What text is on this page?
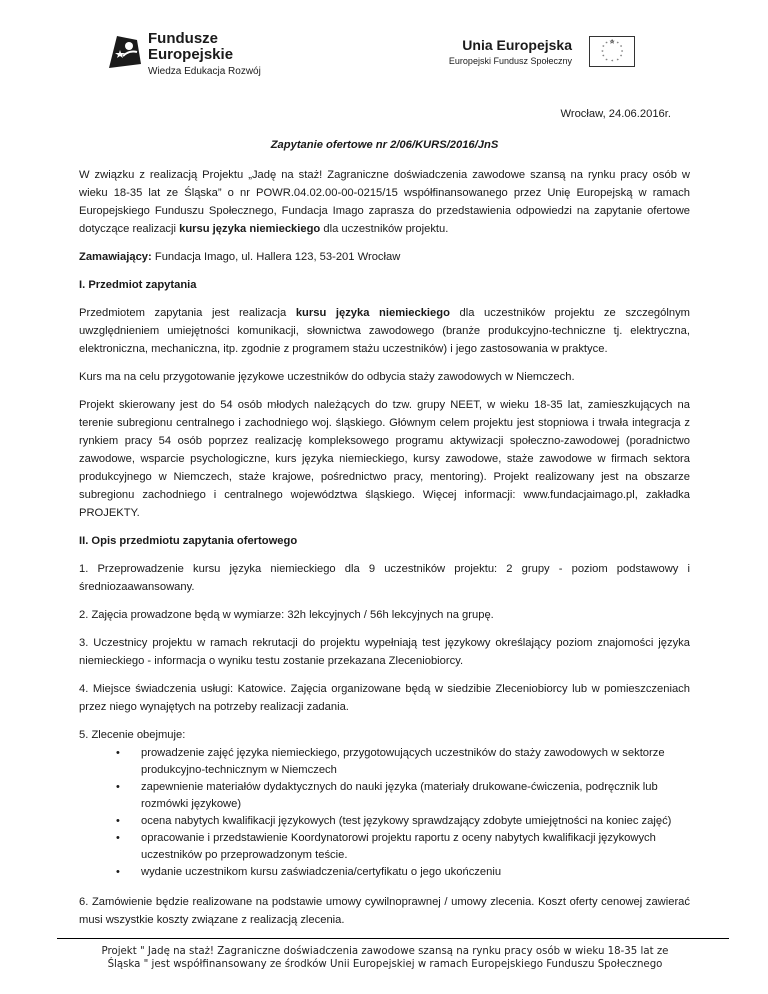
Fundusze
Europejskie
Wiedza Edukacja Rozwój
Unia Europejska
Europejski Fundusz Społeczny
* *
*
*
*
*
*
*
*
*
*
*
Wrocław, 24.06.2016r.
Zapytanie ofertowe nr 2/06/KURS/2016/JnS

W związku z realizacją Projektu „Jadę na staż! Zagraniczne doświadczenia zawodowe szansą na rynku pracy osób w wieku 18-35 lat ze Śląska” o nr POWR.04.02.00-00-0215/15 współfinansowanego przez Unię Europejską w ramach Europejskiego Funduszu Społecznego, Fundacja Imago zaprasza do przedstawienia odpowiedzi na zapytanie ofertowe dotyczące realizacji kursu języka niemieckiego dla uczestników projektu.

Zamawiający: Fundacja Imago, ul. Hallera 123, 53-201 Wrocław

I. Przedmiot zapytania

Przedmiotem zapytania jest realizacja kursu języka niemieckiego dla uczestników projektu ze szczególnym uwzględnieniem umiejętności komunikacji, słownictwa zawodowego (branże produkcyjno-techniczne tj. elektryczna, elektroniczna, mechaniczna, itp. zgodnie z programem stażu uczestników) i jego zastosowania w praktyce.

Kurs ma na celu przygotowanie językowe uczestników do odbycia staży zawodowych w Niemczech.

Projekt skierowany jest do 54 osób młodych należących do tzw. grupy NEET, w wieku 18-35 lat, zamieszkujących na terenie subregionu centralnego i zachodniego woj. śląskiego. Głównym celem projektu jest stopniowa i trwała integracja z rynkiem pracy 54 osób poprzez realizację kompleksowego programu aktywizacji społeczno-zawodowej (poradnictwo zawodowe, wsparcie psychologiczne, kurs języka niemieckiego, kursy zawodowe, staże zawodowe w firmach sektora produkcyjnego w Niemczech, staże krajowe, pośrednictwo pracy, mentoring). Projekt realizowany jest na obszarze subregionu zachodniego i centralnego województwa śląskiego. Więcej informacji: www.fundacjaimago.pl, zakładka PROJEKTY.

II. Opis przedmiotu zapytania ofertowego

1. Przeprowadzenie kursu języka niemieckiego dla 9 uczestników projektu: 2 grupy - poziom podstawowy i średniozaawansowany.

2. Zajęcia prowadzone będą w wymiarze: 32h lekcyjnych / 56h lekcyjnych na grupę.

3. Uczestnicy projektu w ramach rekrutacji do projektu wypełniają test językowy określający poziom znajomości języka niemieckiego - informacja o wyniku testu zostanie przekazana Zleceniobiorcy.

4. Miejsce świadczenia usługi: Katowice. Zajęcia organizowane będą w siedzibie Zleceniobiorcy lub w pomieszczeniach przez niego wynajętych na potrzeby realizacji zadania.

5. Zlecenie obejmuje:

• prowadzenie zajęć języka niemieckiego, przygotowujących uczestników do staży zawodowych w sektorze produkcyjno-technicznym w Niemczech
• zapewnienie materiałów dydaktycznych do nauki języka (materiały drukowane-ćwiczenia, podręcznik lub rozmówki językowe)
• ocena nabytych kwalifikacji językowych (test językowy sprawdzający zdobyte umiejętności na koniec zajęć)
• opracowanie i przedstawienie Koordynatorowi projektu raportu z oceny nabytych kwalifikacji językowych uczestników po przeprowadzonym teście.
• wydanie uczestnikom kursu zaświadczenia/certyfikatu o jego ukończeniu

6. Zamówienie będzie realizowane na podstawie umowy cywilnoprawnej / umowy zlecenia. Koszt oferty cenowej zawierać musi wszystkie koszty związane z realizacją zlecenia.

Projekt " Jadę na staż! Zagraniczne doświadczenia zawodowe szansą na rynku pracy osób w wieku 18-35 lat ze
Śląska " jest współfinansowany ze środków Unii Europejskiej w ramach Europejskiego Funduszu Społecznego
